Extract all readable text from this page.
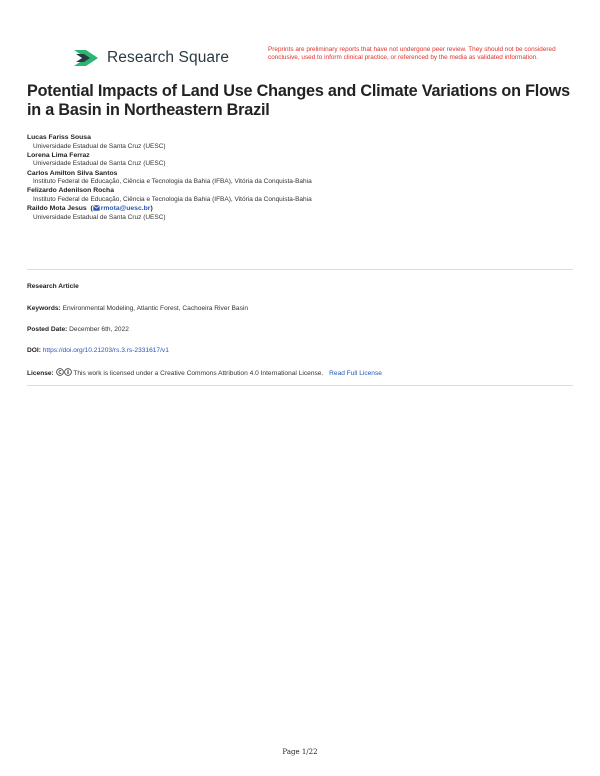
Research Square	Preprints are preliminary reports that have not undergone peer review. They should not be considered conclusive, used to inform clinical practice, or referenced by the media as validated information.
Potential Impacts of Land Use Changes and Climate Variations on Flows in a Basin in Northeastern Brazil
Lucas Fariss Sousa
Universidade Estadual de Santa Cruz (UESC)
Lorena Lima Ferraz
Universidade Estadual de Santa Cruz (UESC)
Carlos Amilton Silva Santos
Instituto Federal de Educação, Ciência e Tecnologia da Bahia (IFBA), Vitória da Conquista-Bahia
Felizardo Adenilson Rocha
Instituto Federal de Educação, Ciência e Tecnologia da Bahia (IFBA), Vitória da Conquista-Bahia
Raildo Mota Jesus  ( rmota@uesc.br)
Universidade Estadual de Santa Cruz (UESC)
Research Article
Keywords: Environmental Modeling, Atlantic Forest, Cachoeira River Basin
Posted Date: December 6th, 2022
DOI: https://doi.org/10.21203/rs.3.rs-2331617/v1
License:	This work is licensed under a Creative Commons Attribution 4.0 International License. Read Full License
Page 1/22
